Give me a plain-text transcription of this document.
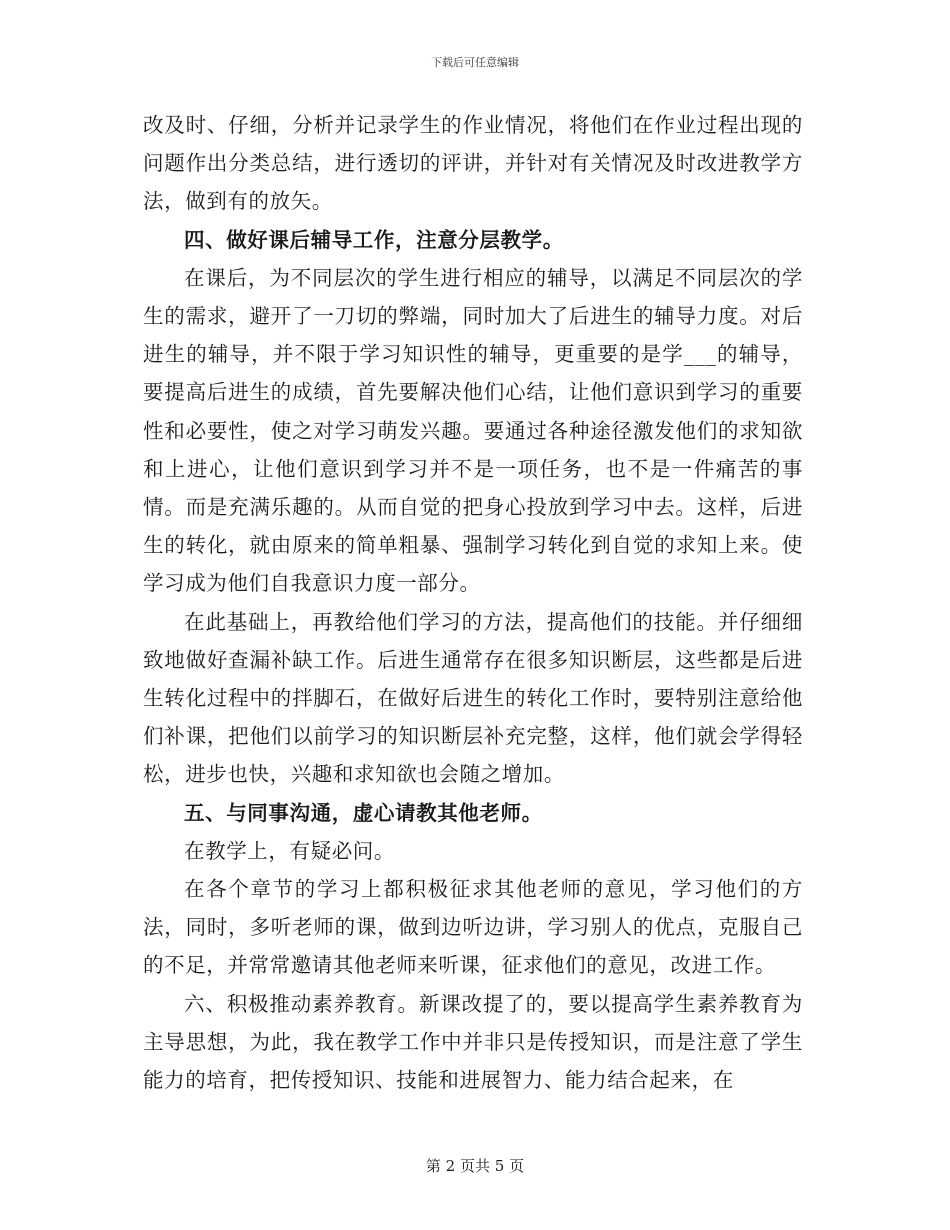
下载后可任意编辑

改及时、仔细，分析并记录学生的作业情况，将他们在作业过程出现的问题作出分类总结，进行透切的评讲，并针对有关情况及时改进教学方法，做到有的放矢。

四、做好课后辅导工作，注意分层教学。

在课后，为不同层次的学生进行相应的辅导，以满足不同层次的学生的需求，避开了一刀切的弊端，同时加大了后进生的辅导力度。对后进生的辅导，并不限于学习知识性的辅导，更重要的是学___的辅导，要提高后进生的成绩，首先要解决他们心结，让他们意识到学习的重要性和必要性，使之对学习萌发兴趣。要通过各种途径激发他们的求知欲和上进心，让他们意识到学习并不是一项任务，也不是一件痛苦的事情。而是充满乐趣的。从而自觉的把身心投放到学习中去。这样，后进生的转化，就由原来的简单粗暴、强制学习转化到自觉的求知上来。使学习成为他们自我意识力度一部分。

在此基础上，再教给他们学习的方法，提高他们的技能。并仔细细致地做好查漏补缺工作。后进生通常存在很多知识断层，这些都是后进生转化过程中的拌脚石，在做好后进生的转化工作时，要特别注意给他们补课，把他们以前学习的知识断层补充完整，这样，他们就会学得轻松，进步也快，兴趣和求知欲也会随之增加。

五、与同事沟通，虚心请教其他老师。

在教学上，有疑必问。

在各个章节的学习上都积极征求其他老师的意见，学习他们的方法，同时，多听老师的课，做到边听边讲，学习别人的优点，克服自己的不足，并常常邀请其他老师来听课，征求他们的意见，改进工作。

六、积极推动素养教育。新课改提了的，要以提高学生素养教育为主导思想，为此，我在教学工作中并非只是传授知识，而是注意了学生能力的培育，把传授知识、技能和进展智力、能力结合起来，在

第 2 页共 5 页
